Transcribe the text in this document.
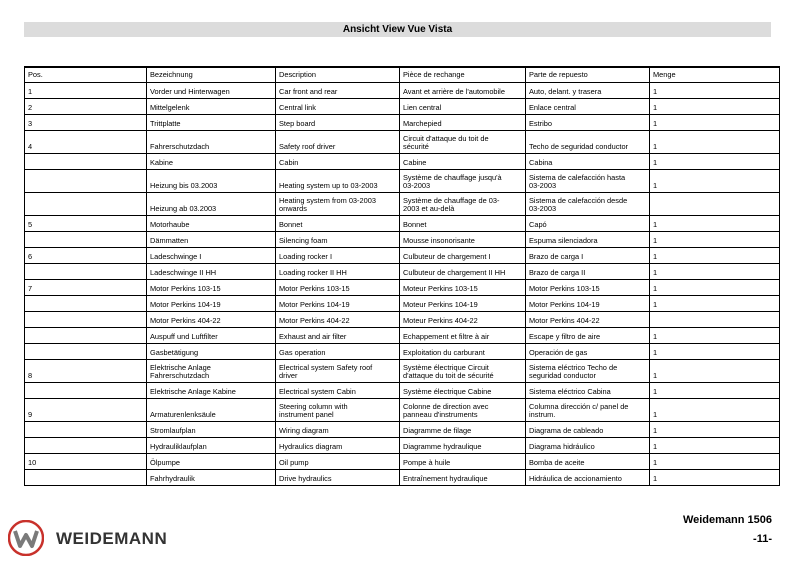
Ansicht View Vue Vista
Pos.	Bezeichnung	Description	Pièce de rechange	Parte de repuesto	Menge

1	Vorder und Hinterwagen	Car front and rear	Avant et arrière de l'automobile	Auto, delant. y trasera	1

2	Mittelgelenk	Central link	Lien central	Enlace central	1

3	Trittplatte	Step board	Marchepied	Estribo	1

4	Fahrerschutzdach	Safety roof driver	Circuit d'attaque du toit de
sécurité	Techo de seguridad conductor	1

	Kabine	Cabin	Cabine	Cabina	1

	Heizung bis 03.2003	Heating system up to 03-2003	Système de chauffage jusqu'à
03-2003	Sistema de calefacción hasta
03-2003	1

	Heizung ab 03.2003	Heating system from 03-2003
onwards	Système de chauffage de 03-
2003 et au-delà	Sistema de calefacción desde
03-2003	

5	Motorhaube	Bonnet	Bonnet	Capó	1

	Dämmatten	Silencing foam	Mousse insonorisante	Espuma silenciadora	1

6	Ladeschwinge I	Loading rocker I	Culbuteur de chargement I	Brazo de carga I	1

	Ladeschwinge II HH	Loading rocker II HH	Culbuteur de chargement II HH	Brazo de carga II	1

7	Motor Perkins 103-15	Motor Perkins 103-15	Moteur Perkins 103-15	Motor Perkins 103-15	1

	Motor Perkins 104-19	Motor Perkins 104-19	Moteur Perkins 104-19	Motor Perkins 104-19	1

	Motor Perkins 404-22	Motor Perkins 404-22	Moteur Perkins 404-22	Motor Perkins 404-22	

	Auspuff und Luftfilter	Exhaust and air filter	Echappement et filtre à air	Escape y filtro de aire	1

	Gasbetätigung	Gas operation	Exploitation du carburant	Operación de gas	1

8	Elektrische Anlage
Fahrerschutzdach	Electrical system Safety roof
driver	Système électrique Circuit
d'attaque du toit de sécurité	Sistema eléctrico Techo de
seguridad conductor	1

	Elektrische Anlage Kabine	Electrical system Cabin	Système électrique Cabine	Sistema eléctrico Cabina	1

9	Armaturenlenksäule	Steering column with
instrument panel	Colonne de direction avec
panneau d'instruments	Columna dirección c/ panel de
instrum.	1

	Stromlaufplan	Wiring diagram	Diagramme de filage	Diagrama de cableado	1

	Hydrauliklaufplan	Hydraulics diagram	Diagramme hydraulique	Diagrama hidráulico	1

10	Ölpumpe	Oil pump	Pompe à huile	Bomba de aceite	1

	Fahrhydraulik	Drive hydraulics	Entraînement hydraulique	Hidráulica de accionamiento	1
WEIDEMANN
Weidemann 1506
-11-
